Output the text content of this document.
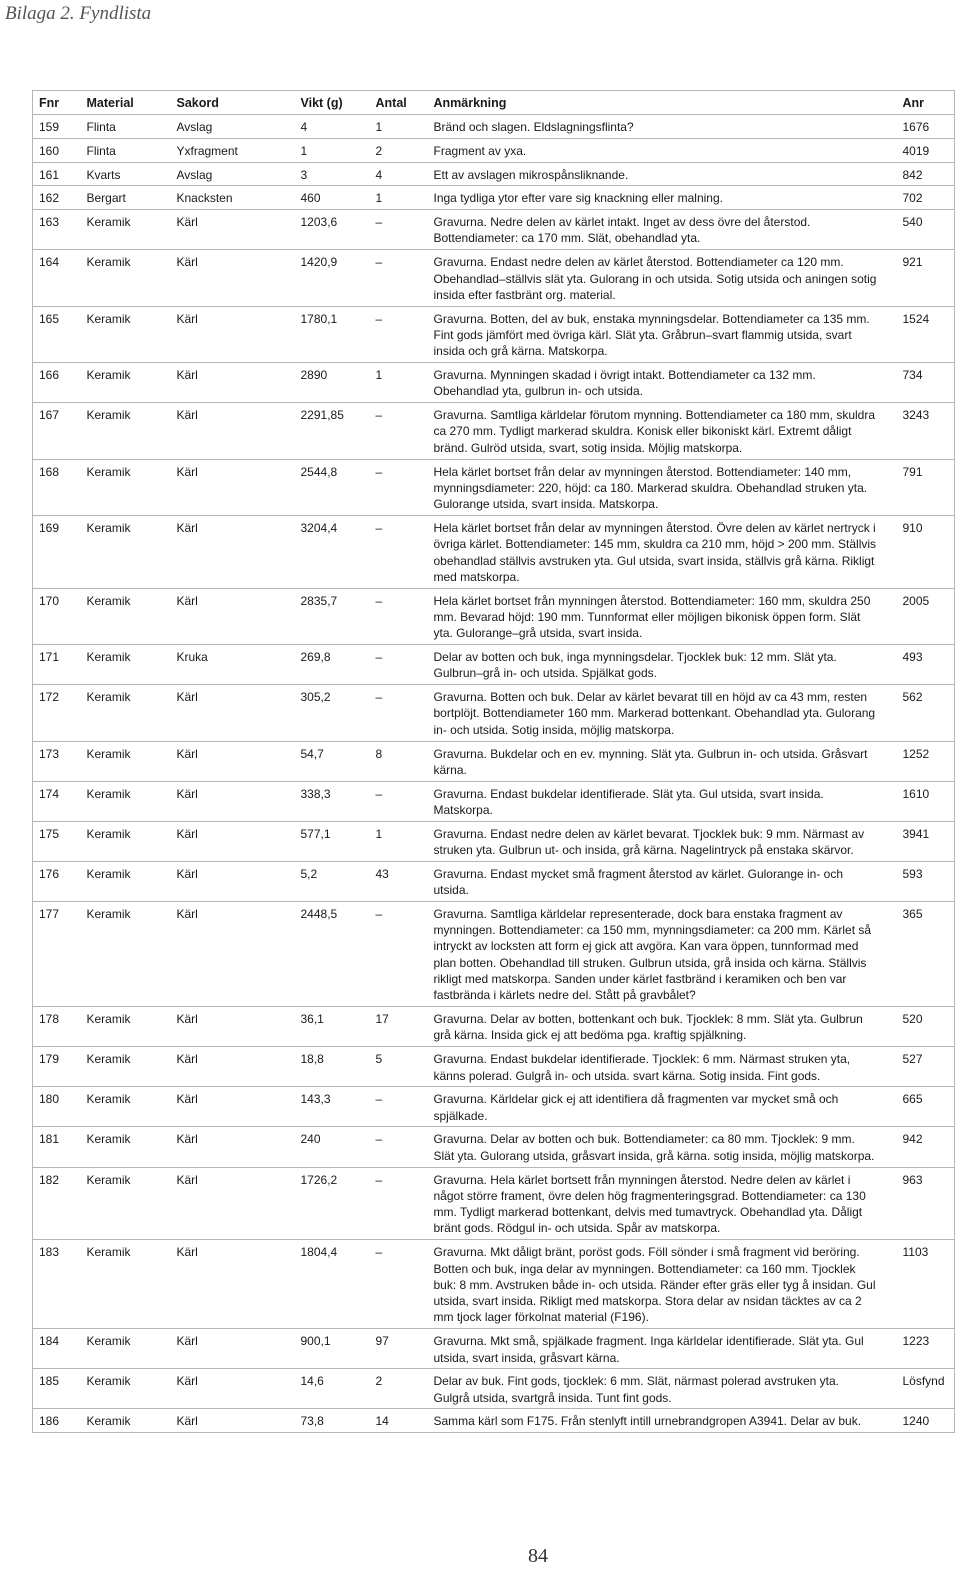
Bilaga 2. Fyndlista
Fnr	Material	Sakord	Vikt (g)	Antal	Anmärkning	Anr
159	Flinta	Avslag	4	1	Bränd och slagen. Eldslagningsflinta?	1676
160	Flinta	Yxfragment	1	2	Fragment av yxa.	4019
161	Kvarts	Avslag	3	4	Ett av avslagen mikrospånsliknande.	842
162	Bergart	Knacksten	460	1	Inga tydliga ytor efter vare sig knackning eller malning.	702
163	Keramik	Kärl	1203,6	–	Gravurna. Nedre delen av kärlet intakt. Inget av dess övre del återstod. Bottendiameter: ca 170 mm. Slät, obehandlad yta.	540
164	Keramik	Kärl	1420,9	–	Gravurna. Endast nedre delen av kärlet återstod. Bottendiameter ca 120 mm. Obehandlad–ställvis slät yta. Gulorang in och utsida. Sotig utsida och aningen sotig insida efter fastbränt org. material.	921
165	Keramik	Kärl	1780,1	–	Gravurna. Botten, del av buk, enstaka mynningsdelar. Bottendiameter ca 135 mm. Fint gods jämfört med övriga kärl. Slät yta. Gråbrun–svart flammig utsida, svart insida och grå kärna. Matskorpa.	1524
166	Keramik	Kärl	2890	1	Gravurna. Mynningen skadad i övrigt intakt. Bottendiameter ca 132 mm. Obehandlad yta, gulbrun in- och utsida.	734
167	Keramik	Kärl	2291,85	–	Gravurna. Samtliga kärldelar förutom mynning. Bottendiameter ca 180 mm, skuldra ca 270 mm. Tydligt markerad skuldra. Konisk eller bikoniskt kärl. Extremt dåligt bränd. Gulröd utsida, svart, sotig insida. Möjlig matskorpa.	3243
168	Keramik	Kärl	2544,8	–	Hela kärlet bortset från delar av mynningen återstod. Bottendiameter: 140 mm, mynningsdiameter: 220, höjd: ca 180. Markerad skuldra. Obehandlad struken yta. Gulorange utsida, svart insida. Matskorpa.	791
169	Keramik	Kärl	3204,4	–	Hela kärlet bortset från delar av mynningen återstod. Övre delen av kärlet nertryck i övriga kärlet. Bottendiameter: 145 mm, skuldra ca 210 mm, höjd > 200 mm. Ställvis obehandlad ställvis avstruken yta. Gul utsida, svart insida, ställvis grå kärna. Rikligt med matskorpa.	910
170	Keramik	Kärl	2835,7	–	Hela kärlet bortset från mynningen återstod. Bottendiameter: 160 mm, skuldra 250 mm. Bevarad höjd: 190 mm. Tunnformat eller möjligen bikonisk öppen form. Slät yta. Gulorange–grå utsida, svart insida.	2005
171	Keramik	Kruka	269,8	–	Delar av botten och buk, inga mynningsdelar. Tjocklek buk: 12 mm. Slät yta. Gulbrun–grå in- och utsida. Spjälkat gods.	493
172	Keramik	Kärl	305,2	–	Gravurna. Botten och buk. Delar av kärlet bevarat till en höjd av ca 43 mm, resten bortplöjt. Bottendiameter 160 mm. Markerad bottenkant. Obehandlad yta. Gulorang in- och utsida. Sotig insida, möjlig matskorpa.	562
173	Keramik	Kärl	54,7	8	Gravurna. Bukdelar och en ev. mynning. Slät yta. Gulbrun in- och utsida. Gråsvart kärna.	1252
174	Keramik	Kärl	338,3	–	Gravurna. Endast bukdelar identifierade. Slät yta. Gul utsida, svart insida. Matskorpa.	1610
175	Keramik	Kärl	577,1	1	Gravurna. Endast nedre delen av kärlet bevarat. Tjocklek buk: 9 mm. Närmast av struken yta. Gulbrun ut- och insida, grå kärna. Nagelintryck på enstaka skärvor.	3941
176	Keramik	Kärl	5,2	43	Gravurna. Endast mycket små fragment återstod av kärlet. Gulorange in- och utsida.	593
177	Keramik	Kärl	2448,5	–	Gravurna. Samtliga kärldelar representerade, dock bara enstaka fragment av mynningen. Bottendiameter: ca 150 mm, mynningsdiameter: ca 200 mm. Kärlet så intryckt av locksten att form ej gick att avgöra. Kan vara öppen, tunnformad med plan botten. Obehandlad till struken. Gulbrun utsida, grå insida och kärna. Ställvis rikligt med matskorpa. Sanden under kärlet fastbränd i keramiken och ben var fastbrända i kärlets nedre del. Stått på gravbålet?	365
178	Keramik	Kärl	36,1	17	Gravurna. Delar av botten, bottenkant och buk. Tjocklek: 8 mm. Slät yta. Gulbrun grå kärna. Insida gick ej att bedöma pga. kraftig spjälkning.	520
179	Keramik	Kärl	18,8	5	Gravurna. Endast bukdelar identifierade. Tjocklek: 6 mm. Närmast struken yta, känns polerad. Gulgrå in- och utsida. svart kärna. Sotig insida. Fint gods.	527
180	Keramik	Kärl	143,3	–	Gravurna. Kärldelar gick ej att identifiera då fragmenten var mycket små och spjälkade.	665
181	Keramik	Kärl	240	–	Gravurna. Delar av botten och buk. Bottendiameter: ca 80 mm. Tjocklek: 9 mm. Slät yta. Gulorang utsida, gråsvart insida, grå kärna. sotig insida, möjlig matskorpa.	942
182	Keramik	Kärl	1726,2	–	Gravurna. Hela kärlet bortsett från mynningen återstod. Nedre delen av kärlet i något större frament, övre delen hög fragmenteringsgrad. Bottendiameter: ca 130 mm. Tydligt markerad bottenkant, delvis med tumavtryck. Obehandlad yta. Dåligt bränt gods. Rödgul in- och utsida. Spår av matskorpa.	963
183	Keramik	Kärl	1804,4	–	Gravurna. Mkt dåligt bränt, poröst gods. Föll sönder i små fragment vid beröring. Botten och buk, inga delar av mynningen. Bottendiameter: ca 160 mm. Tjocklek buk: 8 mm. Avstruken både in- och utsida. Ränder efter gräs eller tyg å insidan. Gul utsida, svart insida. Rikligt med matskorpa. Stora delar av nsidan täcktes av ca 2 mm tjock lager förkolnat material (F196).	1103
184	Keramik	Kärl	900,1	97	Gravurna. Mkt små, spjälkade fragment. Inga kärldelar identifierade. Slät yta. Gul utsida, svart insida, gråsvart kärna.	1223
185	Keramik	Kärl	14,6	2	Delar av buk. Fint gods, tjocklek: 6 mm. Slät, närmast polerad avstruken yta. Gulgrå utsida, svartgrå insida. Tunt fint gods.	Lösfynd
186	Keramik	Kärl	73,8	14	Samma kärl som F175. Från stenlyft intill urnebrandgropen A3941. Delar av buk.	1240
84
